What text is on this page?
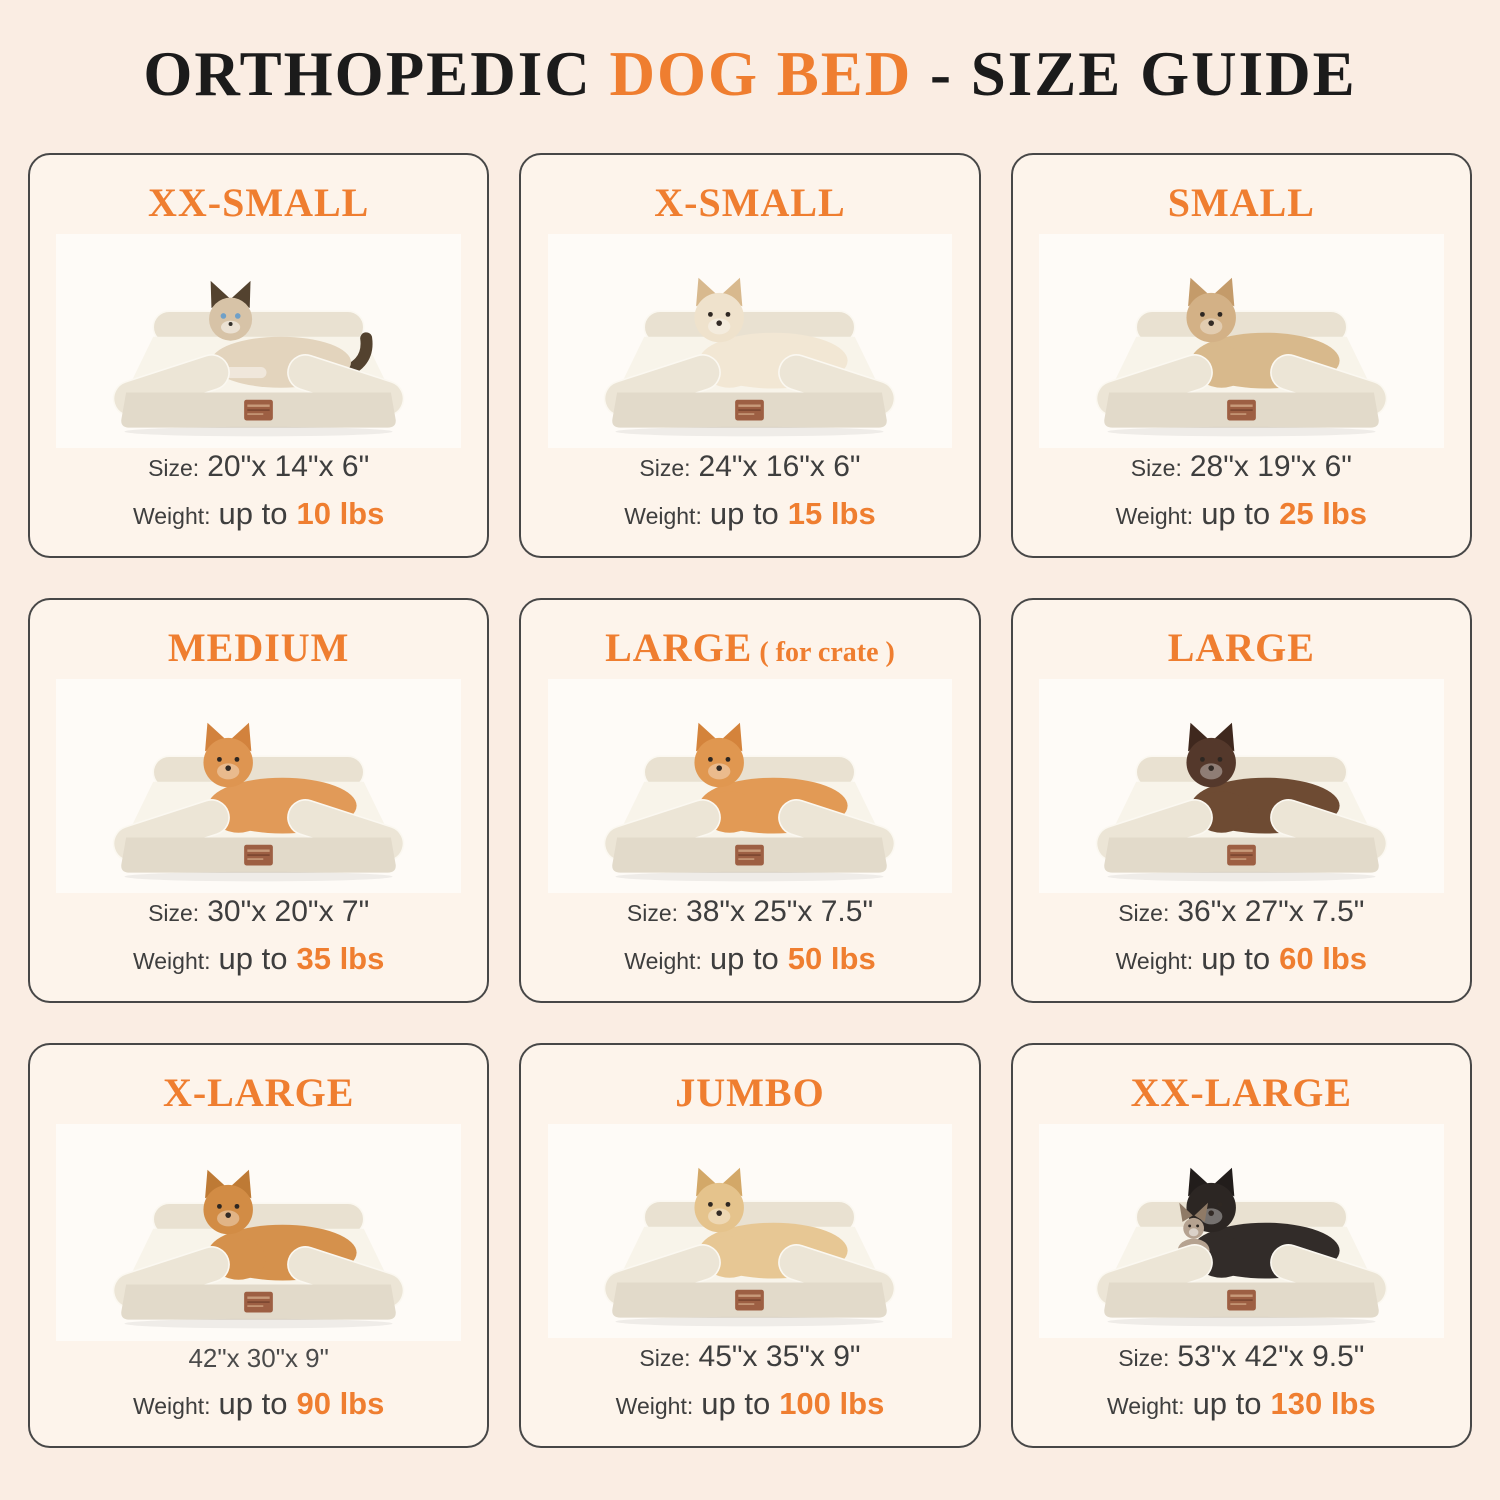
ORTHOPEDIC DOG BED - SIZE GUIDE
XX-SMALL

Size: 20"x 14"x 6"

Weight: up to 10 lbs

X-SMALL

Size: 24"x 16"x 6"

Weight: up to 15 lbs

SMALL

Size: 28"x 19"x 6"

Weight: up to 25 lbs

MEDIUM

Size: 30"x 20"x 7"

Weight: up to 35 lbs

LARGE ( for crate )

Size: 38"x 25"x 7.5"

Weight: up to 50 lbs

LARGE

Size: 36"x 27"x 7.5"

Weight: up to 60 lbs

X-LARGE

42"x 30"x 9"

Weight: up to 90 lbs

JUMBO

Size: 45"x 35"x 9"

Weight: up to 100 lbs

XX-LARGE

Size: 53"x 42"x 9.5"

Weight: up to 130 lbs
